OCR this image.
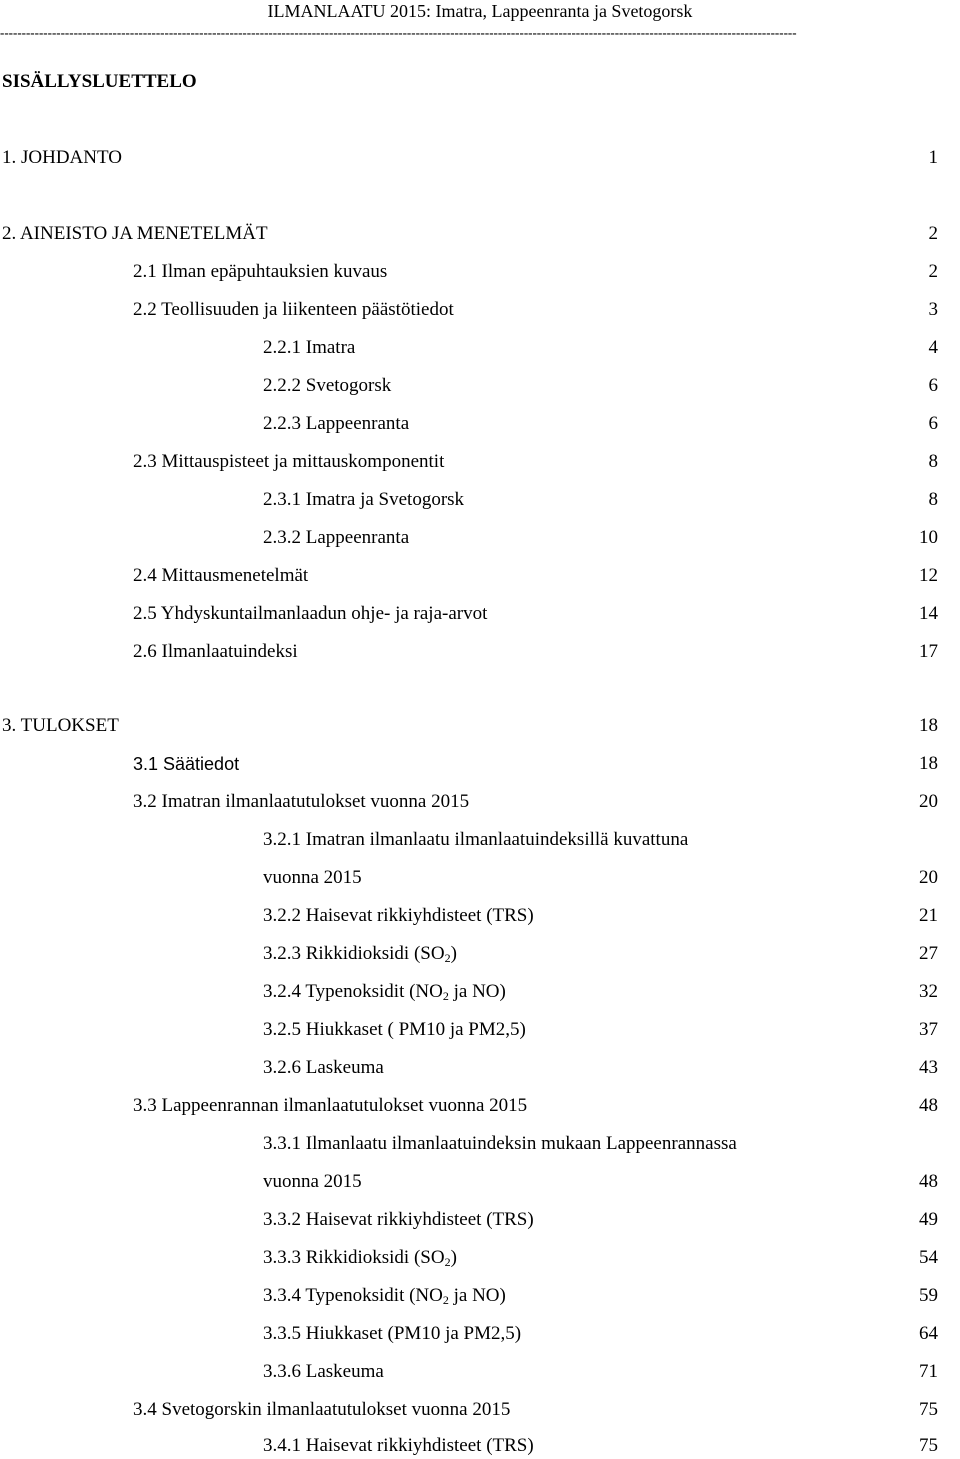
ILMANLAATU 2015: Imatra, Lappeenranta ja Svetogorsk
----------------------------------------------------------------------------------------------------------------------------------------------------------------------------------------
SISÄLLYSLUETTELO
1. JOHDANTO	1
2. AINEISTO JA MENETELMÄT	2
2.1 Ilman epäpuhtauksien kuvaus	2
2.2 Teollisuuden ja liikenteen päästötiedot	3
2.2.1 Imatra	4
2.2.2 Svetogorsk	6
2.2.3 Lappeenranta	6
2.3 Mittauspisteet ja mittauskomponentit	8
2.3.1 Imatra ja Svetogorsk	8
2.3.2 Lappeenranta	10
2.4 Mittausmenetelmät	12
2.5 Yhdyskuntailmanlaadun ohje- ja raja-arvot	14
2.6 Ilmanlaatuindeksi	17
3. TULOKSET	18
3.1 Säätiedot	18
3.2 Imatran ilmanlaatutulokset vuonna 2015	20
3.2.1 Imatran ilmanlaatu ilmanlaatuindeksillä kuvattuna
vuonna 2015	20
3.2.2 Haisevat rikkiyhdisteet (TRS)	21
3.2.3 Rikkidioksidi $(SO_2)$	27
3.2.4 Typenoksidit ($NO_2$ ja NO)	32
3.2.5 Hiukkaset ( PM10 ja PM2,5)	37
3.2.6 Laskeuma	43
3.3 Lappeenrannan ilmanlaatutulokset vuonna 2015	48
3.3.1 Ilmanlaatu ilmanlaatuindeksin mukaan Lappeenrannassa
vuonna 2015	48
3.3.2 Haisevat rikkiyhdisteet (TRS)	49
3.3.3 Rikkidioksidi $(SO_2)$	54
3.3.4 Typenoksidit ($NO_2$ ja NO)	59
3.3.5 Hiukkaset (PM10 ja PM2,5)	64
3.3.6 Laskeuma	71
3.4 Svetogorskin ilmanlaatutulokset vuonna 2015	75
3.4.1 Haisevat rikkiyhdisteet (TRS)	75
